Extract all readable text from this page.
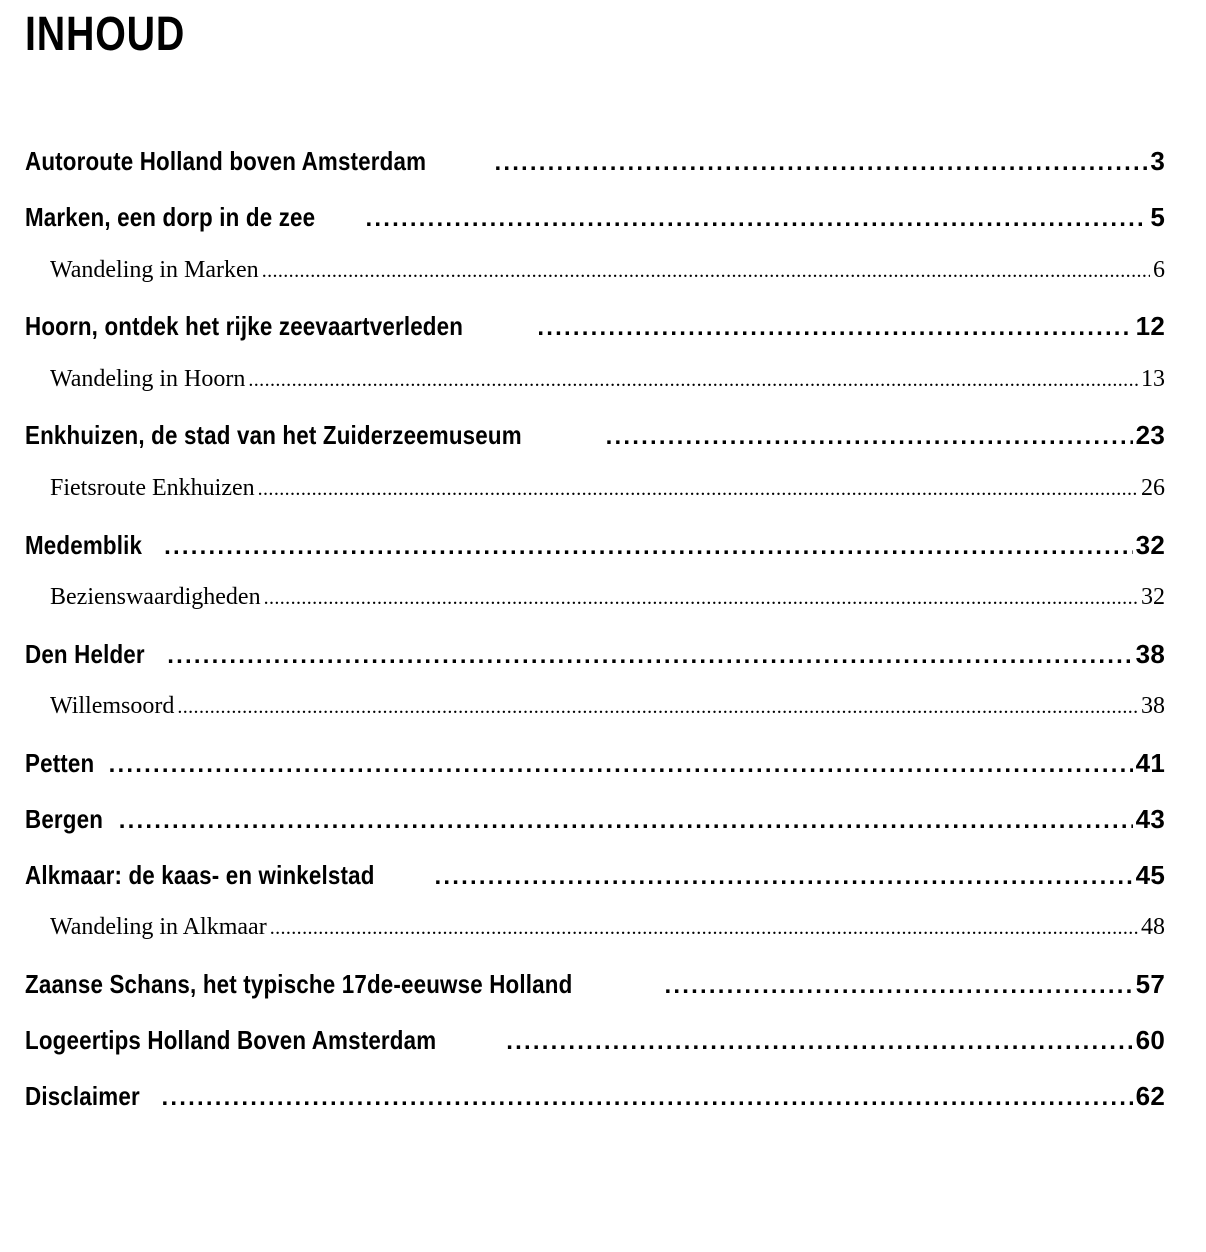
INHOUD
Autoroute Holland boven Amsterdam .....	3
Marken, een dorp in de zee .....	5
Wandeling in Marken .....	6
Hoorn, ontdek het rijke zeevaartverleden .....	12
Wandeling in Hoorn .....	13
Enkhuizen, de stad van het Zuiderzeemuseum .....	23
Fietsroute Enkhuizen .....	26
Medemblik .....	32
Bezienswaardigheden .....	32
Den Helder .....	38
Willemsoord .....	38
Petten .....	41
Bergen .....	43
Alkmaar: de kaas- en winkelstad .....	45
Wandeling in Alkmaar .....	48
Zaanse Schans, het typische 17de-eeuwse Holland .....	57
Logeertips Holland Boven Amsterdam .....	60
Disclaimer .....	62
